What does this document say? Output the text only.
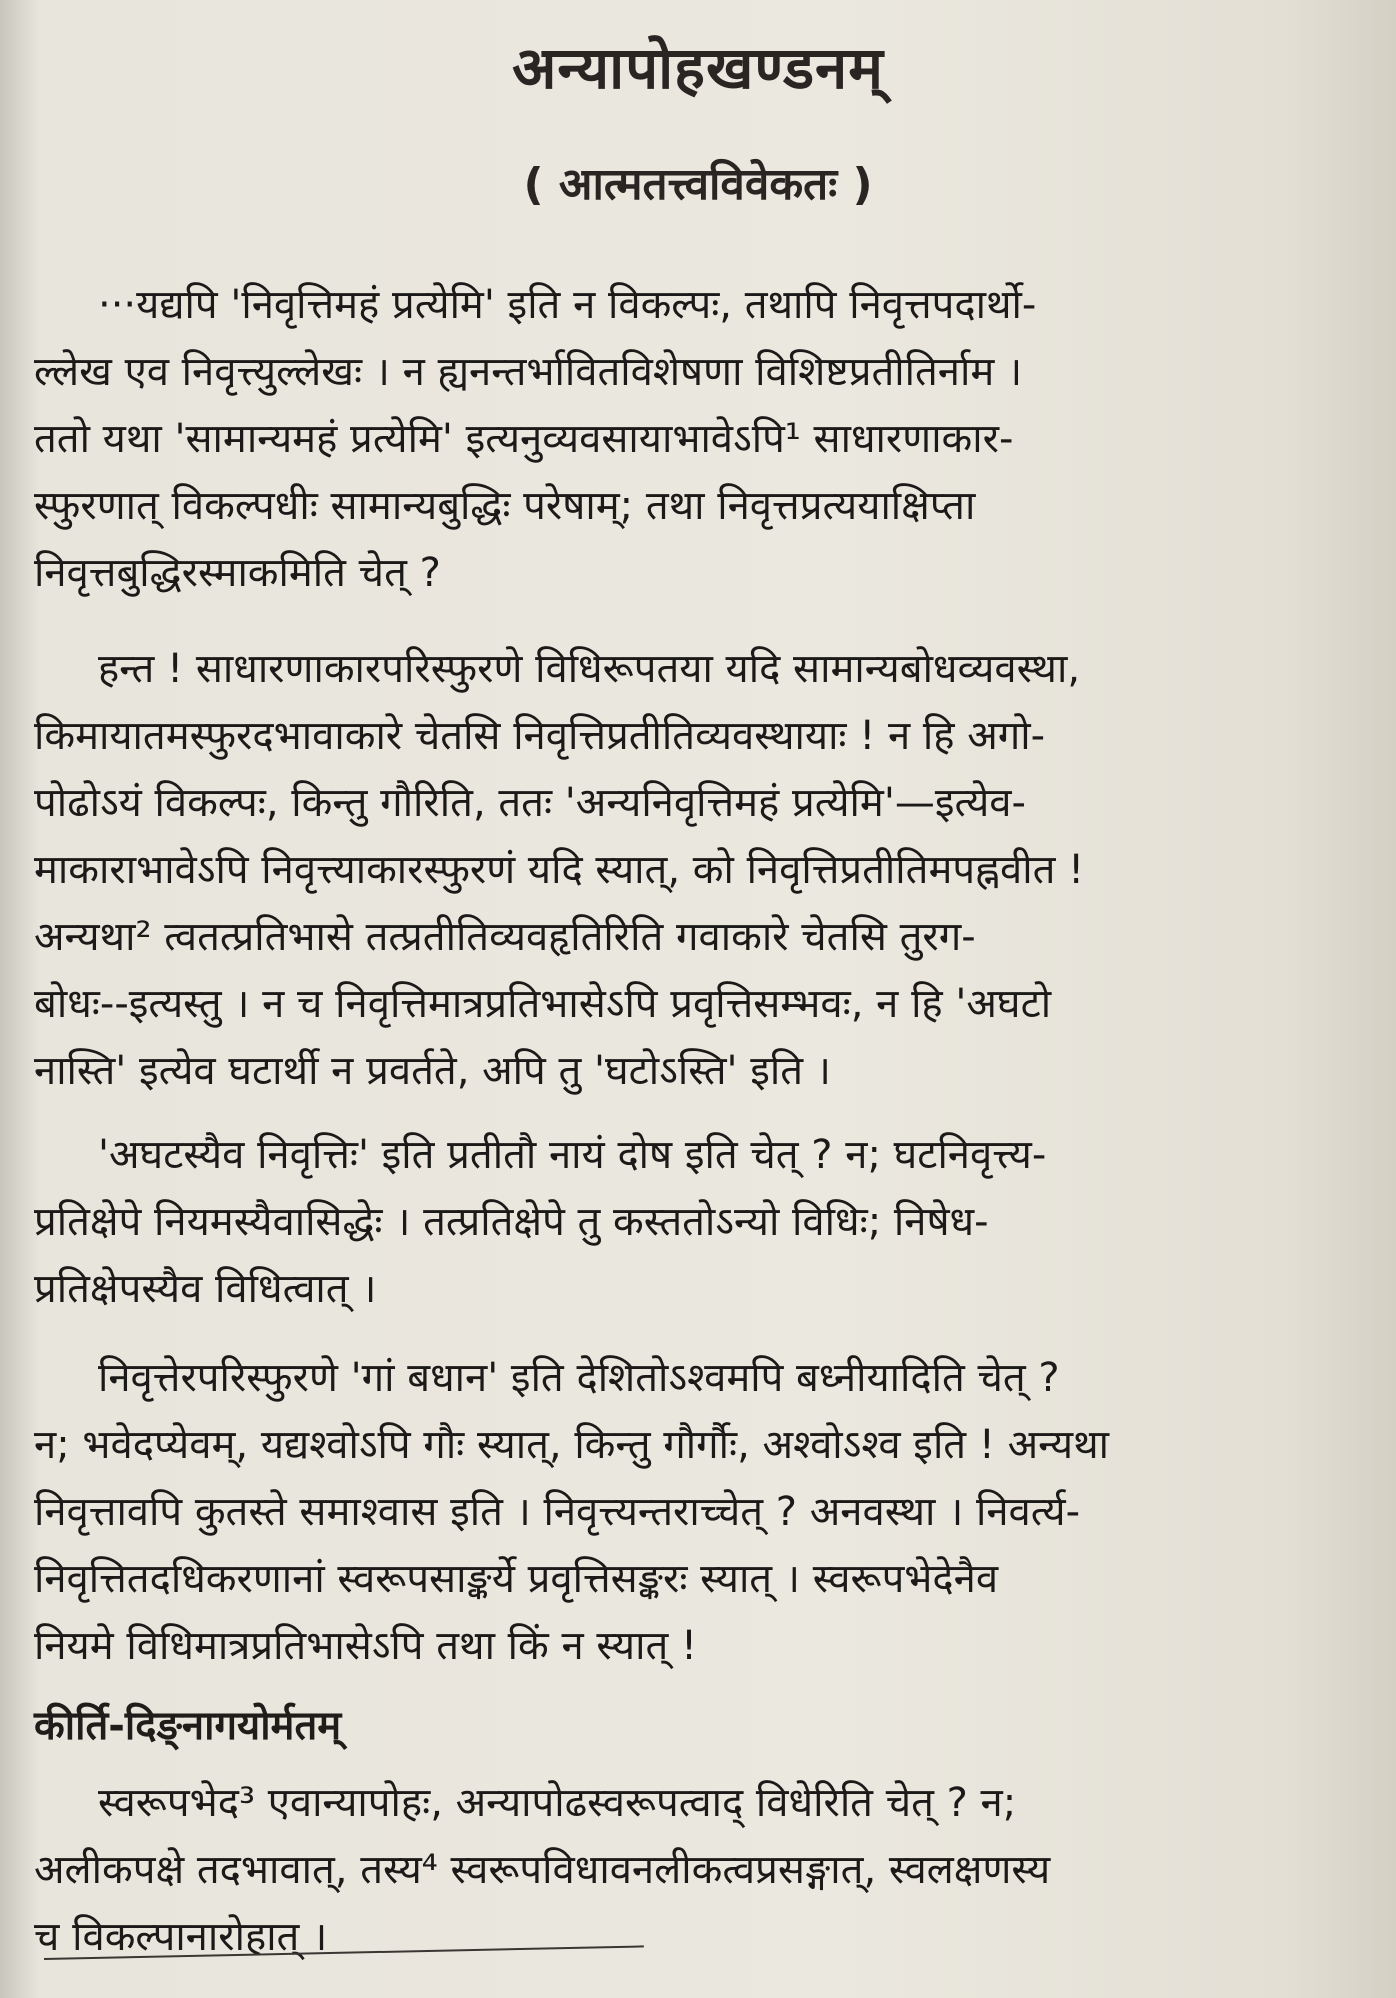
अन्यापोहखण्डनम्
( आत्मतत्त्वविवेकतः )
···यद्यपि 'निवृत्तिमहं प्रत्येमि' इति न विकल्पः, तथापि निवृत्तपदार्थो-
ल्लेख एव निवृत्त्युल्लेखः । न ह्यनन्तर्भावितविशेषणा विशिष्टप्रतीतिर्नाम ।
ततो यथा 'सामान्यमहं प्रत्येमि' इत्यनुव्यवसायाभावेऽपि¹ साधारणाकार-
स्फुरणात् विकल्पधीः सामान्यबुद्धिः परेषाम्; तथा निवृत्तप्रत्ययाक्षिप्ता
निवृत्तबुद्धिरस्माकमिति चेत् ?
हन्त ! साधारणाकारपरिस्फुरणे विधिरूपतया यदि सामान्यबोधव्यवस्था,
किमायातमस्फुरदभावाकारे चेतसि निवृत्तिप्रतीतिव्यवस्थायाः ! न हि अगो-
पोढोऽयं विकल्पः, किन्तु गौरिति, ततः 'अन्यनिवृत्तिमहं प्रत्येमि'—इत्येव-
माकाराभावेऽपि निवृत्त्याकारस्फुरणं यदि स्यात्, को निवृत्तिप्रतीतिमपह्नवीत !
अन्यथा² त्वतत्प्रतिभासे तत्प्रतीतिव्यवहृतिरिति गवाकारे चेतसि तुरग-
बोधः--इत्यस्तु । न च निवृत्तिमात्रप्रतिभासेऽपि प्रवृत्तिसम्भवः, न हि 'अघटो
नास्ति' इत्येव घटार्थी न प्रवर्तते, अपि तु 'घटोऽस्ति' इति ।
'अघटस्यैव निवृत्तिः' इति प्रतीतौ नायं दोष इति चेत् ? न; घटनिवृत्त्य-
प्रतिक्षेपे नियमस्यैवासिद्धेः । तत्प्रतिक्षेपे तु कस्ततोऽन्यो विधिः; निषेध-
प्रतिक्षेपस्यैव विधित्वात् ।
निवृत्तेरपरिस्फुरणे 'गां बधान' इति देशितोऽश्वमपि बध्नीयादिति चेत् ?
न; भवेदप्येवम्, यद्यश्वोऽपि गौः स्यात्, किन्तु गौर्गौः, अश्वोऽश्व इति ! अन्यथा
निवृत्तावपि कुतस्ते समाश्वास इति । निवृत्त्यन्तराच्चेत् ? अनवस्था । निवर्त्य-
निवृत्तितदधिकरणानां स्वरूपसाङ्कर्ये प्रवृत्तिसङ्करः स्यात् । स्वरूपभेदेनैव
नियमे विधिमात्रप्रतिभासेऽपि तथा किं न स्यात् !
कीर्ति-दिङ्नागयोर्मतम्
स्वरूपभेद³ एवान्यापोहः, अन्यापोढस्वरूपत्वाद् विधेरिति चेत् ? न;
अलीकपक्षे तदभावात्, तस्य⁴ स्वरूपविधावनलीकत्वप्रसङ्गात्, स्वलक्षणस्य
च विकल्पानारोहात् ।
